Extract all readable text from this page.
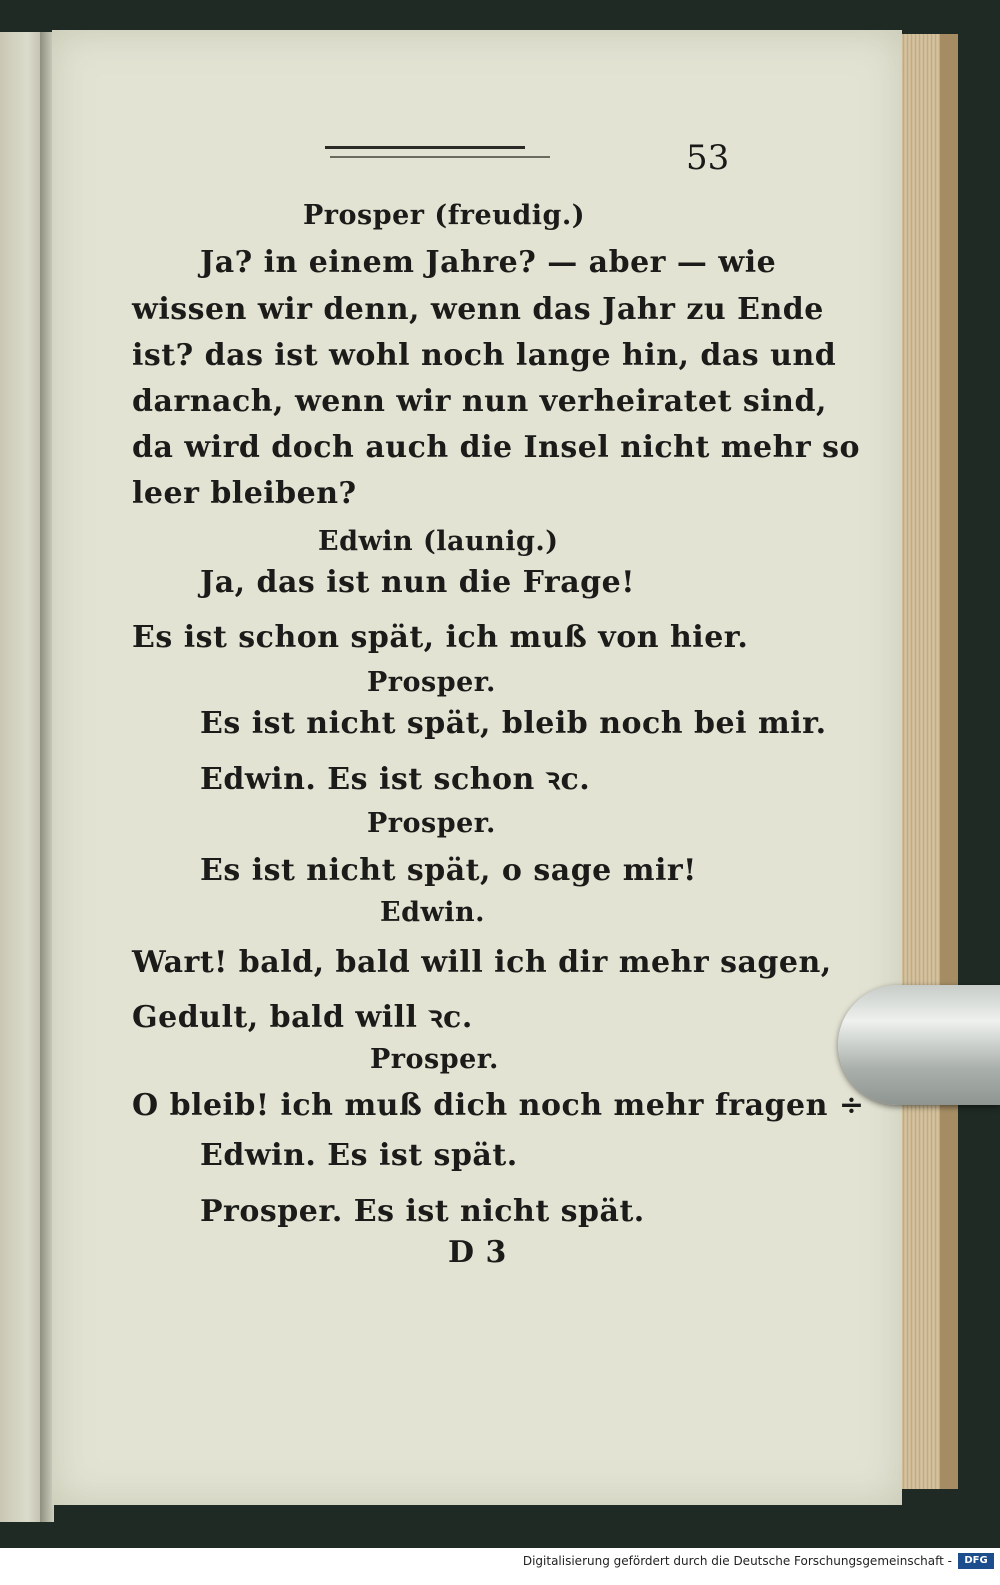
53
Prosper (freudig.)
Ja? in einem Jahre? — aber — wie
wissen wir denn, wenn das Jahr zu Ende
ist? das ist wohl noch lange hin, das und
darnach, wenn wir nun verheiratet sind,
da wird doch auch die Insel nicht mehr so
leer bleiben?
Edwin (launig.)
Ja, das ist nun die Frage!
Es ist schon spät, ich muß von hier.
Prosper.
Es ist nicht spät, bleib noch bei mir.
Edwin. Es ist schon ꝛc.
Prosper.
Es ist nicht spät, o sage mir!
Edwin.
Wart! bald, bald will ich dir mehr sagen,
Gedult, bald will ꝛc.
Prosper.
O bleib! ich muß dich noch mehr fragen ÷
Edwin. Es ist spät.
Prosper. Es ist nicht spät.
D 3
Digitalisierung gefördert durch die Deutsche Forschungsgemeinschaft -	DFG
